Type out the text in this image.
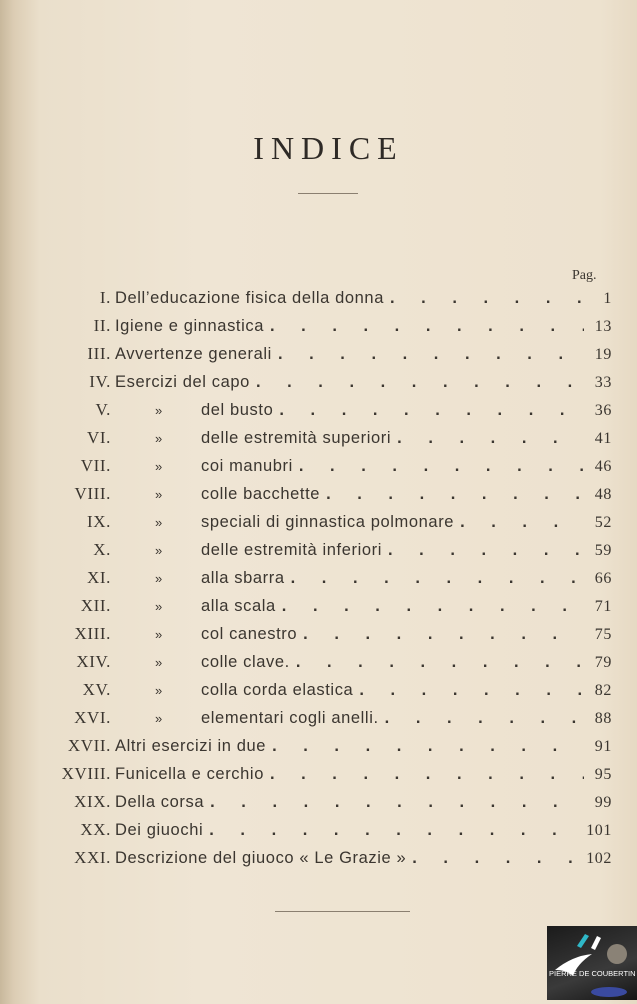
INDICE
Pag.
I. Dell’educazione fisica della donna . . .	1
II. Igiene e ginnastica . . .	13
III. Avvertenze generali . . .	19
IV. Esercizi del capo . . .	33
V.	»	del busto . . .	36
VI.	»	delle estremità superiori . . .	41
VII.	»	coi manubri . . .	46
VIII.	»	colle bacchette . . .	48
IX.	»	speciali di ginnastica polmonare . . .	52
X.	»	delle estremità inferiori . . .	59
XI.	»	alla sbarra . . .	66
XII.	»	alla scala . . .	71
XIII.	»	col canestro . . .	75
XIV.	»	colle clave. . . .	79
XV.	»	colla corda elastica . . .	82
XVI.	»	elementari cogli anelli. . . .	88
XVII. Altri esercizi in due . . .	91
XVIII. Funicella e cerchio . . .	95
XIX. Della corsa . . .	99
XX. Dei giuochi . . .	101
XXI. Descrizione del giuoco « Le Grazie » . . .	102
PIERRE DE COUBERTIN
